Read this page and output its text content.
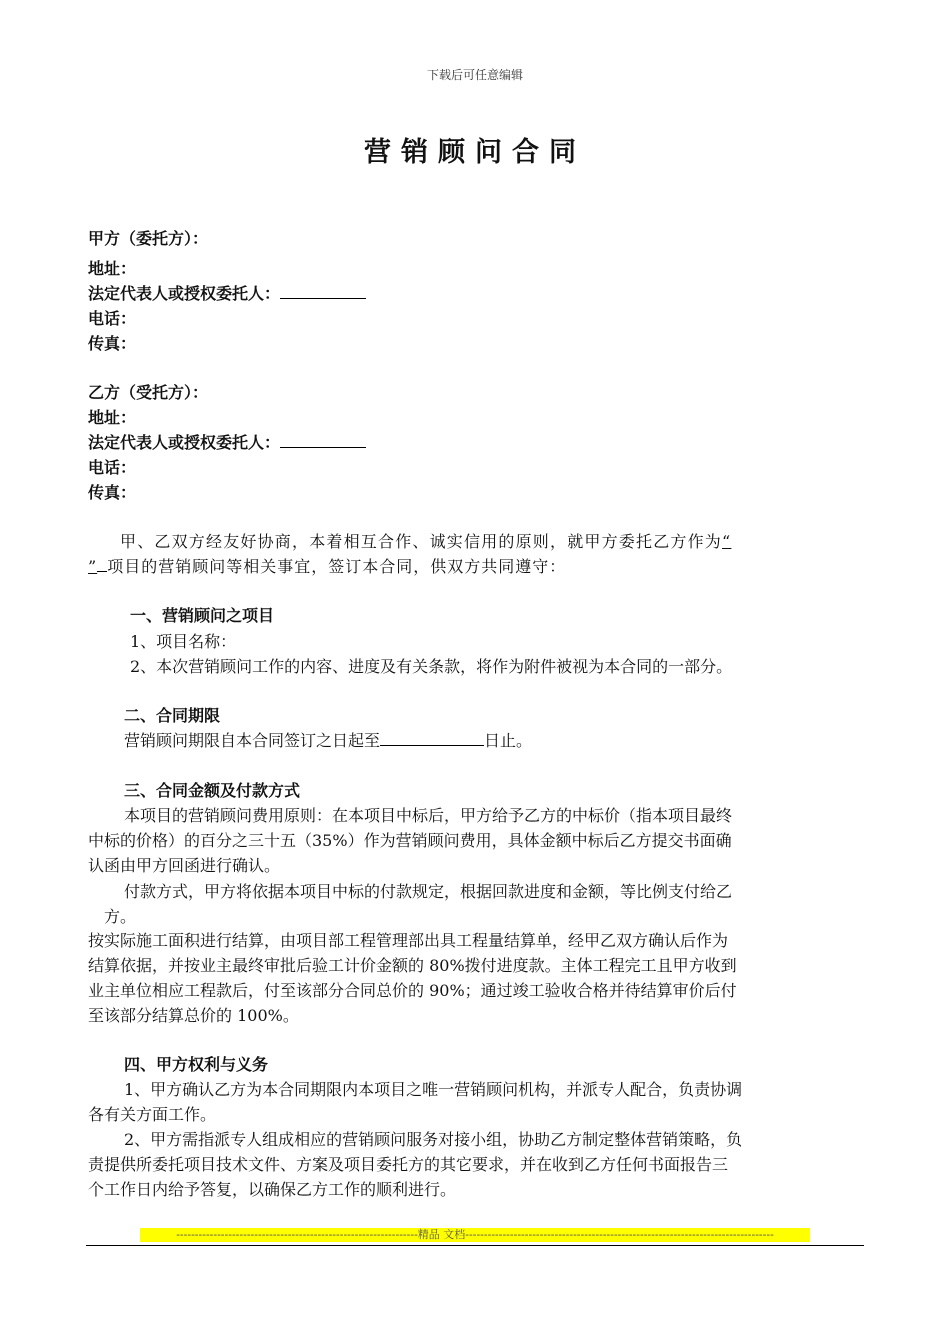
下载后可任意编辑
营销顾问合同
甲方（委托方）：
地址：
法定代表人或授权委托人：
电话：
传真：
乙方（受托方）：
地址：
法定代表人或授权委托人：
电话：
传真：
甲、乙双方经友好协商，本着相互合作、诚实信用的原则，就甲方委托乙方作为“
” 项目的营销顾问等相关事宜，签订本合同，供双方共同遵守：
一、营销顾问之项目
1、项目名称：
2、本次营销顾问工作的内容、进度及有关条款，将作为附件被视为本合同的一部分。
二、合同期限
营销顾问期限自本合同签订之日起至	日止。
三、合同金额及付款方式
本项目的营销顾问费用原则：在本项目中标后，甲方给予乙方的中标价（指本项目最终
中标的价格）的百分之三十五（35%）作为营销顾问费用，具体金额中标后乙方提交书面确
认函由甲方回函进行确认。
付款方式，甲方将依据本项目中标的付款规定，根据回款进度和金额，等比例支付给乙
方。
按实际施工面积进行结算，由项目部工程管理部出具工程量结算单，经甲乙双方确认后作为
结算依据，并按业主最终审批后验工计价金额的 80%拨付进度款。主体工程完工且甲方收到
业主单位相应工程款后，付至该部分合同总价的 90%；通过竣工验收合格并待结算审价后付
至该部分结算总价的 100%。
四、甲方权利与义务
1、甲方确认乙方为本合同期限内本项目之唯一营销顾问机构，并派专人配合，负责协调
各有关方面工作。
2、甲方需指派专人组成相应的营销顾问服务对接小组，协助乙方制定整体营销策略，负
责提供所委托项目技术文件、方案及项目委托方的其它要求，并在收到乙方任何书面报告三
个工作日内给予答复，以确保乙方工作的顺利进行。
-----------------------------------------------------------------精品 文档-----------------------------------------------------------------------------------
